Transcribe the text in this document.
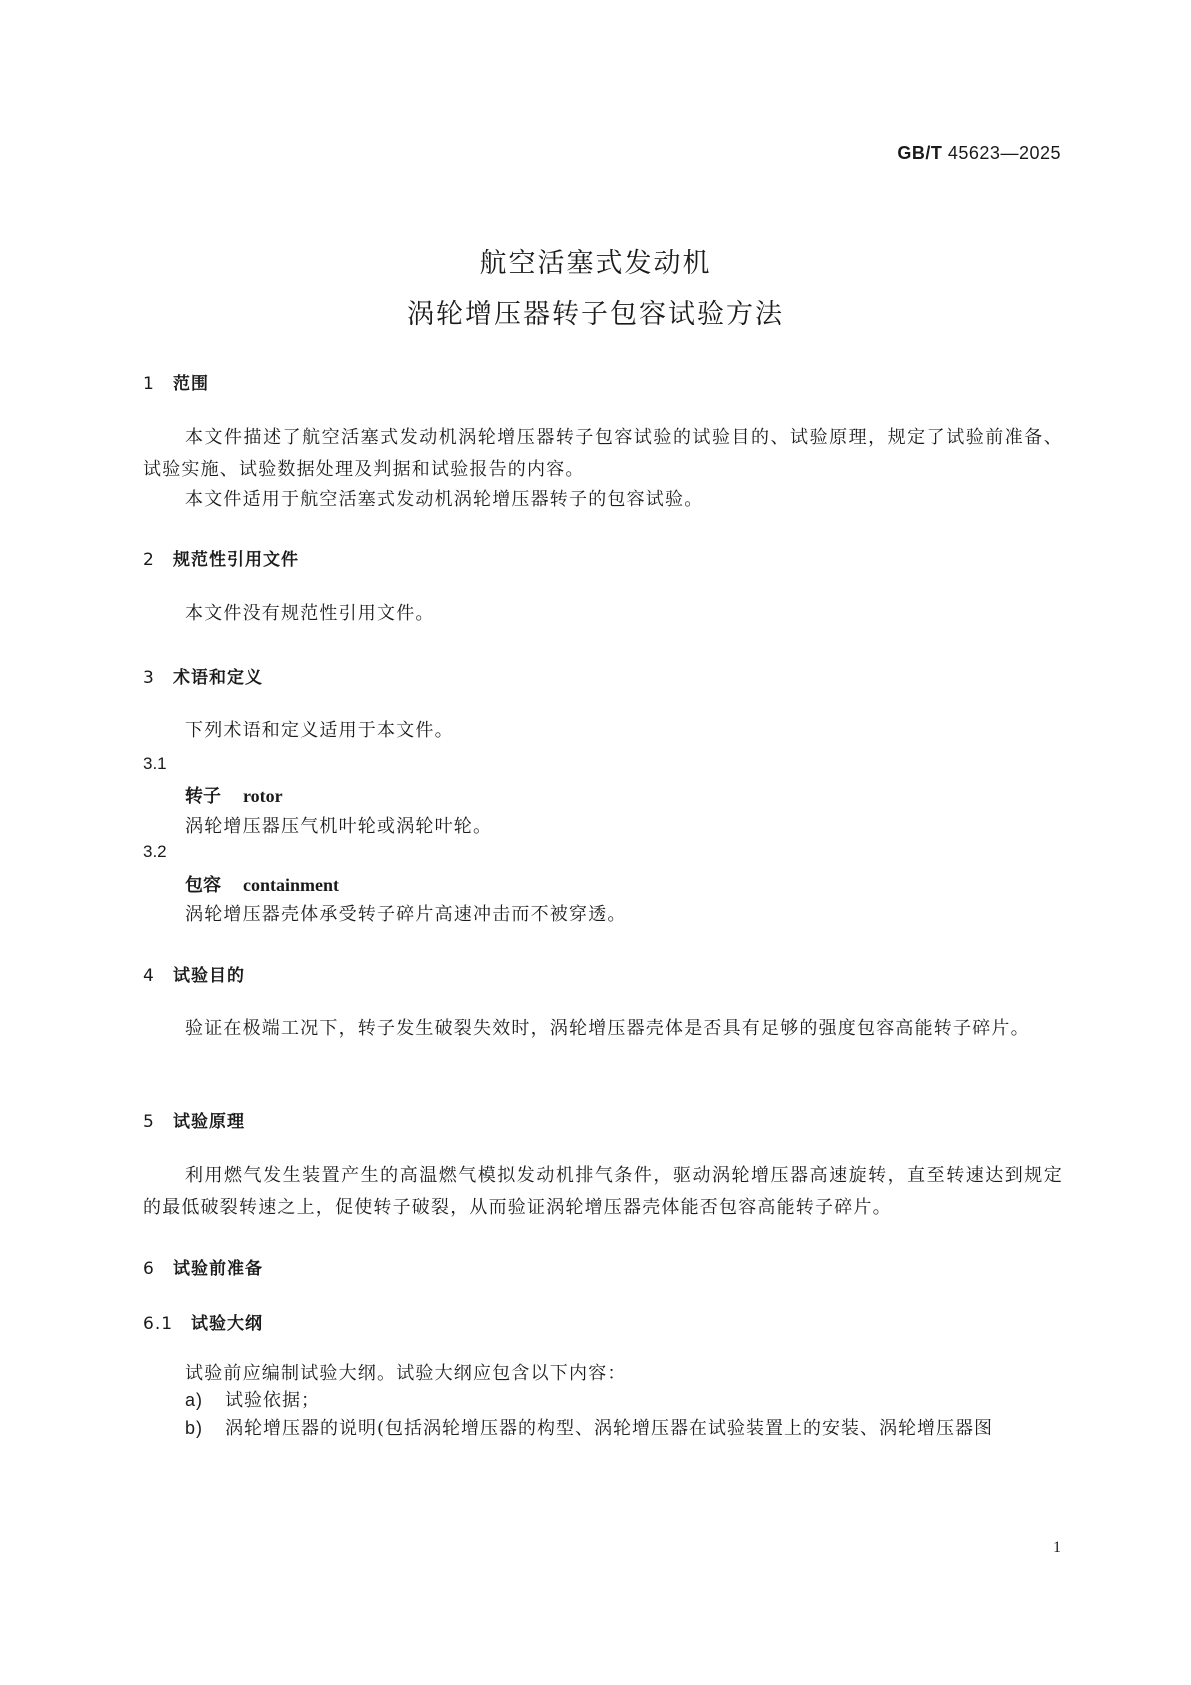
GB/T 45623—2025
航空活塞式发动机
涡轮增压器转子包容试验方法
1 范围
本文件描述了航空活塞式发动机涡轮增压器转子包容试验的试验目的、试验原理，规定了试验前准备、试验实施、试验数据处理及判据和试验报告的内容。
本文件适用于航空活塞式发动机涡轮增压器转子的包容试验。
2 规范性引用文件
本文件没有规范性引用文件。
3 术语和定义
下列术语和定义适用于本文件。
3.1
转子 rotor
涡轮增压器压气机叶轮或涡轮叶轮。
3.2
包容 containment
涡轮增压器壳体承受转子碎片高速冲击而不被穿透。
4 试验目的
验证在极端工况下，转子发生破裂失效时，涡轮增压器壳体是否具有足够的强度包容高能转子碎片。
5 试验原理
利用燃气发生装置产生的高温燃气模拟发动机排气条件，驱动涡轮增压器高速旋转，直至转速达到规定的最低破裂转速之上，促使转子破裂，从而验证涡轮增压器壳体能否包容高能转子碎片。
6 试验前准备
6.1 试验大纲
试验前应编制试验大纲。试验大纲应包含以下内容：
a) 试验依据；
b) 涡轮增压器的说明(包括涡轮增压器的构型、涡轮增压器在试验装置上的安装、涡轮增压器图
1
